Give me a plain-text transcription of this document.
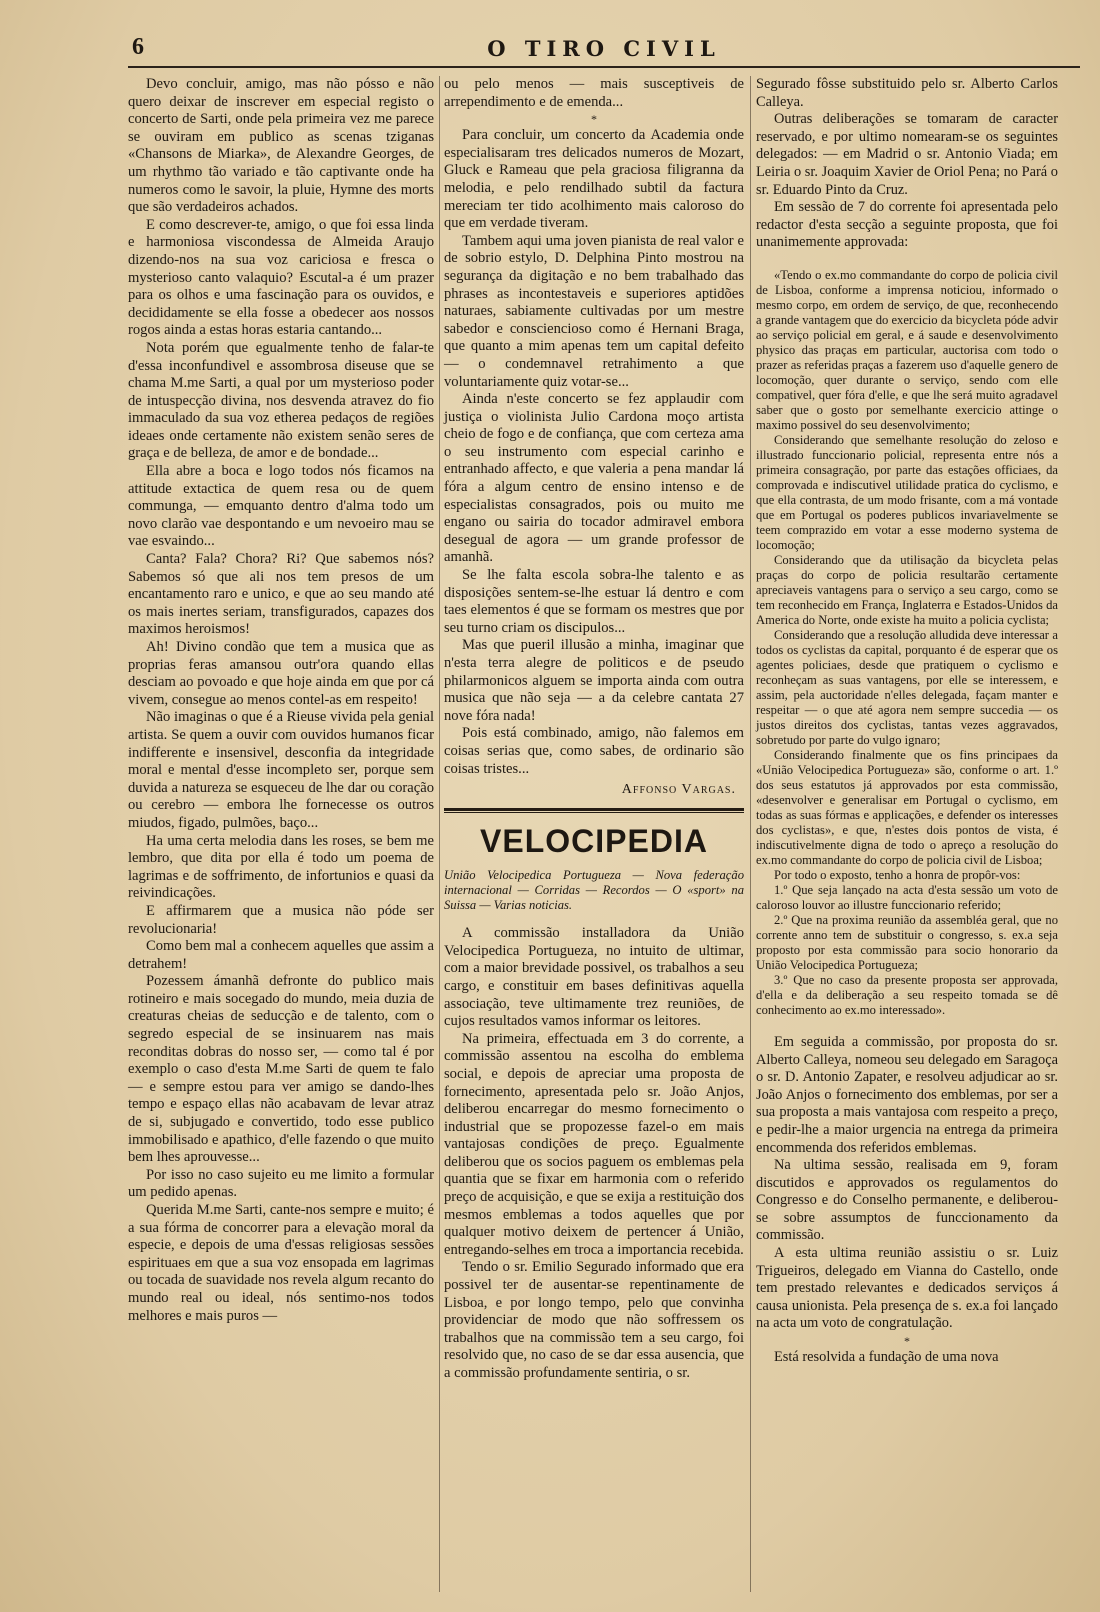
6	O TIRO CIVIL

Devo concluir, amigo, mas não pósso e não quero deixar de inscrever em especial registo o concerto de Sarti, onde pela primeira vez me parece se ouviram em publico as scenas tziganas «Chansons de Miarka», de Alexandre Georges, de um rhythmo tão variado e tão captivante onde ha numeros como le savoir, la pluie, Hymne des morts que são verdadeiros achados.

E como descrever-te, amigo, o que foi essa linda e harmoniosa viscondessa de Almeida Araujo dizendo-nos na sua voz cariciosa e fresca o mysterioso canto valaquio? Escutal-a é um prazer para os olhos e uma fascinação para os ouvidos, e decididamente se ella fosse a obedecer aos nossos rogos ainda a estas horas estaria cantando...

Nota porém que egualmente tenho de falar-te d'essa inconfundivel e assombrosa diseuse que se chama M.me Sarti, a qual por um mysterioso poder de intuspecção divina, nos desvenda atravez do fio immaculado da sua voz etherea pedaços de regiões ideaes onde certamente não existem senão seres de graça e de belleza, de amor e de bondade...

Ella abre a boca e logo todos nós ficamos na attitude extactica de quem resa ou de quem communga, — emquanto dentro d'alma todo um novo clarão vae despontando e um nevoeiro mau se vae esvaindo...

Canta? Fala? Chora? Ri? Que sabemos nós? Sabemos só que ali nos tem presos de um encantamento raro e unico, e que ao seu mando até os mais inertes seriam, transfigurados, capazes dos maximos heroismos!

Ah! Divino condão que tem a musica que as proprias feras amansou outr'ora quando ellas desciam ao povoado e que hoje ainda em que por cá vivem, consegue ao menos contel-as em respeito!

Não imaginas o que é a Rieuse vivida pela genial artista. Se quem a ouvir com ouvidos humanos ficar indifferente e insensivel, desconfia da integridade moral e mental d'esse incompleto ser, porque sem duvida a natureza se esqueceu de lhe dar ou coração ou cerebro — embora lhe fornecesse os outros miudos, figado, pulmões, baço...

Ha uma certa melodia dans les roses, se bem me lembro, que dita por ella é todo um poema de lagrimas e de soffrimento, de infortunios e quasi da reivindicações.

E affirmarem que a musica não póde ser revolucionaria!

Como bem mal a conhecem aquelles que assim a detrahem!

Pozessem ámanhã defronte do publico mais rotineiro e mais socegado do mundo, meia duzia de creaturas cheias de seducção e de talento, com o segredo especial de se insinuarem nas mais reconditas dobras do nosso ser, — como tal é por exemplo o caso d'esta M.me Sarti de quem te falo — e sempre estou para ver amigo se dando-lhes tempo e espaço ellas não acabavam de levar atraz de si, subjugado e convertido, todo esse publico immobilisado e apathico, d'elle fazendo o que muito bem lhes aprouvesse...

Por isso no caso sujeito eu me limito a formular um pedido apenas.

Querida M.me Sarti, cante-nos sempre e muito; é a sua fórma de concorrer para a elevação moral da especie, e depois de uma d'essas religiosas sessões espirituaes em que a sua voz ensopada em lagrimas ou tocada de suavidade nos revela algum recanto do mundo real ou ideal, nós sentimo-nos todos melhores e mais puros —

ou pelo menos — mais susceptiveis de arrependimento e de emenda...

*

Para concluir, um concerto da Academia onde especialisaram tres delicados numeros de Mozart, Gluck e Rameau que pela graciosa filigranna da melodia, e pelo rendilhado subtil da factura mereciam ter tido acolhimento mais caloroso do que em verdade tiveram.

Tambem aqui uma joven pianista de real valor e de sobrio estylo, D. Delphina Pinto mostrou na segurança da digitação e no bem trabalhado das phrases as incontestaveis e superiores aptidões naturaes, sabiamente cultivadas por um mestre sabedor e consciencioso como é Hernani Braga, que quanto a mim apenas tem um capital defeito — o condemnavel retrahimento a que voluntariamente quiz votar-se...

Ainda n'este concerto se fez applaudir com justiça o violinista Julio Cardona moço artista cheio de fogo e de confiança, que com certeza ama o seu instrumento com especial carinho e entranhado affecto, e que valeria a pena mandar lá fóra a algum centro de ensino intenso e de especialistas consagrados, pois ou muito me engano ou sairia do tocador admiravel embora desegual de agora — um grande professor de amanhã.

Se lhe falta escola sobra-lhe talento e as disposições sentem-se-lhe estuar lá dentro e com taes elementos é que se formam os mestres que por seu turno criam os discipulos...

Mas que pueril illusão a minha, imaginar que n'esta terra alegre de politicos e de pseudo philarmonicos alguem se importa ainda com outra musica que não seja — a da celebre cantata 27 nove fóra nada!

Pois está combinado, amigo, não falemos em coisas serias que, como sabes, de ordinario são coisas tristes...

Affonso Vargas.
VELOCIPEDIA
União Velocipedica Portugueza — Nova federação internacional — Corridas — Recordos — O «sport» na Suissa — Varias noticias.

A commissão installadora da União Velocipedica Portugueza, no intuito de ultimar, com a maior brevidade possivel, os trabalhos a seu cargo, e constituir em bases definitivas aquella associação, teve ultimamente trez reuniões, de cujos resultados vamos informar os leitores.

Na primeira, effectuada em 3 do corrente, a commissão assentou na escolha do emblema social, e depois de apreciar uma proposta de fornecimento, apresentada pelo sr. João Anjos, deliberou encarregar do mesmo fornecimento o industrial que se propozesse fazel-o em mais vantajosas condições de preço. Egualmente deliberou que os socios paguem os emblemas pela quantia que se fixar em harmonia com o referido preço de acquisição, e que se exija a restituição dos mesmos emblemas a todos aquelles que por qualquer motivo deixem de pertencer á União, entregando-selhes em troca a importancia recebida.

Tendo o sr. Emilio Segurado informado que era possivel ter de ausentar-se repentinamente de Lisboa, e por longo tempo, pelo que convinha providenciar de modo que não soffressem os trabalhos que na commissão tem a seu cargo, foi resolvido que, no caso de se dar essa ausencia, que a commissão profundamente sentiria, o sr.

Segurado fôsse substituido pelo sr. Alberto Carlos Calleya.

Outras deliberações se tomaram de caracter reservado, e por ultimo nomearam-se os seguintes delegados: — em Madrid o sr. Antonio Viada; em Leiria o sr. Joaquim Xavier de Oriol Pena; no Pará o sr. Eduardo Pinto da Cruz.

Em sessão de 7 do corrente foi apresentada pelo redactor d'esta secção a seguinte proposta, que foi unanimemente approvada:

«Tendo o ex.mo commandante do corpo de policia civil de Lisboa, conforme a imprensa noticiou, informado o mesmo corpo, em ordem de serviço, de que, reconhecendo a grande vantagem que do exercicio da bicycleta póde advir ao serviço policial em geral, e á saude e desenvolvimento physico das praças em particular, auctorisa com todo o prazer as referidas praças a fazerem uso d'aquelle genero de locomoção, quer durante o serviço, sendo com elle compativel, quer fóra d'elle, e que lhe será muito agradavel saber que o gosto por semelhante exercicio attinge o maximo possivel do seu desenvolvimento;

Considerando que semelhante resolução do zeloso e illustrado funccionario policial, representa entre nós a primeira consagração, por parte das estações officiaes, da comprovada e indiscutivel utilidade pratica do cyclismo, e que ella contrasta, de um modo frisante, com a má vontade que em Portugal os poderes publicos invariavelmente se teem comprazido em votar a esse moderno systema de locomoção;

Considerando que da utilisação da bicycleta pelas praças do corpo de policia resultarão certamente apreciaveis vantagens para o serviço a seu cargo, como se tem reconhecido em França, Inglaterra e Estados-Unidos da America do Norte, onde existe ha muito a policia cyclista;

Considerando que a resolução alludida deve interessar a todos os cyclistas da capital, porquanto é de esperar que os agentes policiaes, desde que pratiquem o cyclismo e reconheçam as suas vantagens, por elle se interessem, e assim, pela auctoridade n'elles delegada, façam manter e respeitar — o que até agora nem sempre succedia — os justos direitos dos cyclistas, tantas vezes aggravados, sobretudo por parte do vulgo ignaro;

Considerando finalmente que os fins principaes da «União Velocipedica Portugueza» são, conforme o art. 1.º dos seus estatutos já approvados por esta commissão, «desenvolver e generalisar em Portugal o cyclismo, em todas as suas fórmas e applicações, e defender os interesses dos cyclistas», e que, n'estes dois pontos de vista, é indiscutivelmente digna de todo o apreço a resolução do ex.mo commandante do corpo de policia civil de Lisboa;

Por todo o exposto, tenho a honra de propôr-vos:

1.º Que seja lançado na acta d'esta sessão um voto de caloroso louvor ao illustre funccionario referido;

2.º Que na proxima reunião da assembléa geral, que no corrente anno tem de substituir o congresso, s. ex.a seja proposto por esta commissão para socio honorario da União Velocipedica Portugueza;

3.º Que no caso da presente proposta ser approvada, d'ella e da deliberação a seu respeito tomada se dê conhecimento ao ex.mo interessado».

Em seguida a commissão, por proposta do sr. Alberto Calleya, nomeou seu delegado em Saragoça o sr. D. Antonio Zapater, e resolveu adjudicar ao sr. João Anjos o fornecimento dos emblemas, por ser a sua proposta a mais vantajosa com respeito a preço, e pedir-lhe a maior urgencia na entrega da primeira encommenda dos referidos emblemas.

Na ultima sessão, realisada em 9, foram discutidos e approvados os regulamentos do Congresso e do Conselho permanente, e deliberou-se sobre assumptos de funccionamento da commissão.

A esta ultima reunião assistiu o sr. Luiz Trigueiros, delegado em Vianna do Castello, onde tem prestado relevantes e dedicados serviços á causa unionista. Pela presença de s. ex.a foi lançado na acta um voto de congratulação.

*

Está resolvida a fundação de uma nova
